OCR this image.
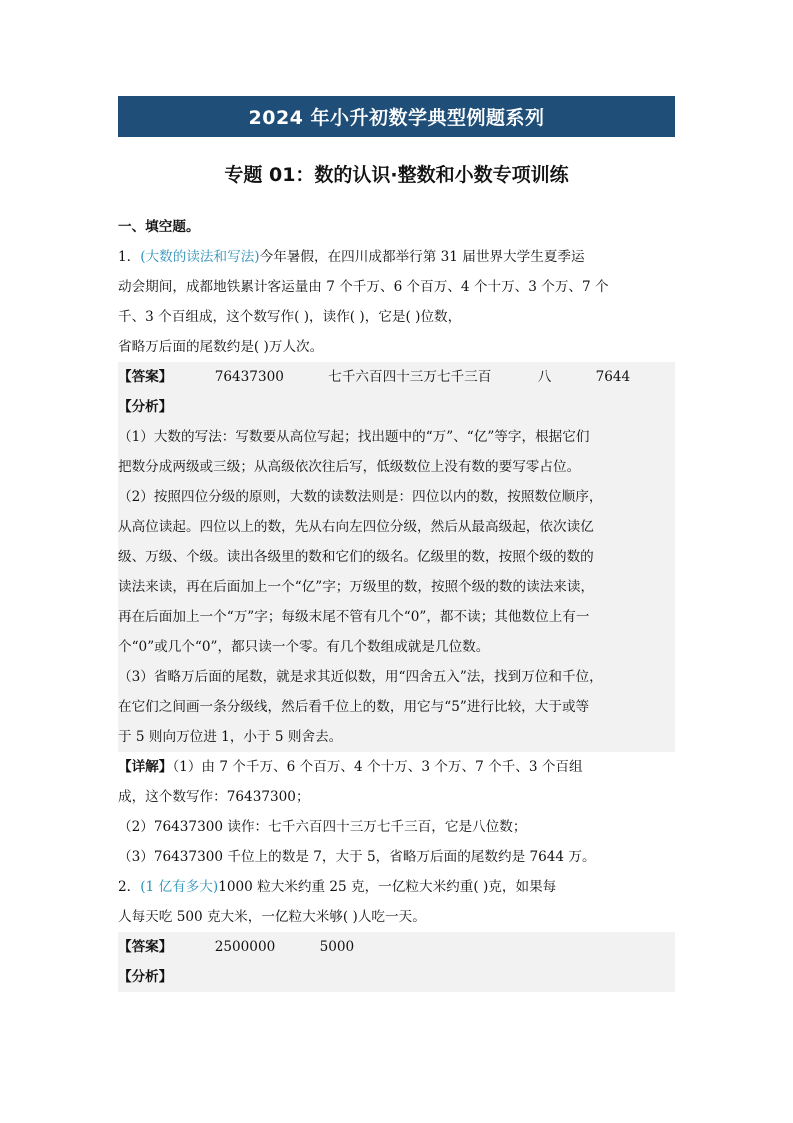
2024 年小升初数学典型例题系列
专题 01：数的认识·整数和小数专项训练
一、填空题。
1．(大数的读法和写法)今年暑假，在四川成都举行第 31 届世界大学生夏季运
动会期间，成都地铁累计客运量由 7 个千万、6 个百万、4 个十万、3 个万、7 个
千、3 个百组成，这个数写作( )，读作( )，它是( )位数，
省略万后面的尾数约是( )万人次。
【答案】	76437300	七千六百四十三万七千三百	八	7644
【分析】
（1）大数的写法：写数要从高位写起；找出题中的“万”、“亿”等字，根据它们
把数分成两级或三级；从高级依次往后写，低级数位上没有数的要写零占位。
（2）按照四位分级的原则，大数的读数法则是：四位以内的数，按照数位顺序，
从高位读起。四位以上的数，先从右向左四位分级，然后从最高级起，依次读亿
级、万级、个级。读出各级里的数和它们的级名。亿级里的数，按照个级的数的
读法来读，再在后面加上一个“亿”字；万级里的数，按照个级的数的读法来读，
再在后面加上一个“万”字；每级末尾不管有几个“0”，都不读；其他数位上有一
个“0”或几个“0”，都只读一个零。有几个数组成就是几位数。
（3）省略万后面的尾数，就是求其近似数，用“四舍五入”法，找到万位和千位，
在它们之间画一条分级线，然后看千位上的数，用它与“5”进行比较，大于或等
于 5 则向万位进 1，小于 5 则舍去。
【详解】（1）由 7 个千万、6 个百万、4 个十万、3 个万、7 个千、3 个百组
成，这个数写作：76437300；
（2）76437300 读作：七千六百四十三万七千三百，它是八位数；
（3）76437300 千位上的数是 7，大于 5，省略万后面的尾数约是 7644 万。
2．(1 亿有多大)1000 粒大米约重 25 克，一亿粒大米约重( )克，如果每
人每天吃 500 克大米，一亿粒大米够( )人吃一天。
【答案】	2500000	5000
【分析】
